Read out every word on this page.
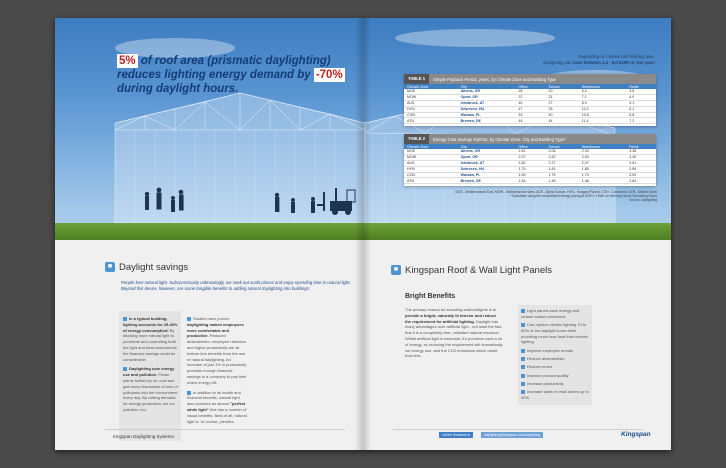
5% of roof area (prismatic daylighting) reduces lighting energy demand by -70% during daylight hours.
Depending on climate and building type,
daylighting can save between 1,4 - 5,0 EUR/ m² per year!
TABLE 1	Simple Payback Period, years, by Climate Zone and Building Type
Climate Zone	City	Office	School	Warehouse	Retail
MOE	Athens, GR	28	20	6.2	3.8
MOW	Oport, OR	37	21	7.1	4.0
AUS	Innsbruck, AT	40	27	8.0	5.1
HYN	Debrecen, HU	47	28	10.2	6.1
CON	Warsaw, PL	45	40	10.8	6.8
ATN	Bremen, DE	44	44	11.4	7.2
TABLE 2	Energy Cost Savings €/yr/m2, by Climate Zone, City and Building Type*
Climate Zone	City	Office	School	Warehouse	Retail
MOE	Athens, GR	1.61	2.08	2.33	4.48
MOW	Oport, OR	2.07	2.82	2.00	4.40
AUS	Innsbruck, AT	1.82	2.27	2.07	3.61
HYN	Debrecen, HU	1.75	1.81	1.85	2.89
CON	Warsaw, PL	1.69	1.75	1.70	3.00
ATN	Bremen, DE	1.54	1.48	1.48	2.84
MOE - Mediterranean East, MOW - Mediterranean West, AUS - Alpine Europe, HYN - Hungary/Poland, CON - Continental, ATN - Atlantic North
* Calculated using the consolidated energy pricing at EUR 0.1 kWh on Working Hours/ Remaining Hours
Source: Daylighting
■ Daylight savings
People love natural light. Subconsciously unknowingly, we seek out sunlit places and enjoy spending time in natural light. Beyond this desire, however, are some tangible benefits to adding natural daylighting into buildings:

In a typical building, lighting accounts for 25-40% of energy consumption! By allowing more natural light to penetrate and controlling both the light and heat components, the financial savings could be considerable.

Daylighting cuts energy use and pollution. Power plants fuelled by oil, coal and gas dump thousands of tons of pollutants into the environment every day. By cutting demand for energy production, we cut pollution, too.

Studies have proven daylighting makes employees more comfortable and productive. Reduced absenteeism, employee retention and higher productivity are all bottom-line benefits from the use of natural daylighting. An increase of just 1% in productivity provides enough financial savings to a company to pay their entire energy bill.

In addition to its health and financial benefits, natural light also provides an almost "perfect white light" that has a number of visual benefits. Best of all, natural light is "of course, plentiful.

Kingspan Daylighting Systems
■ Kingspan Roof & Wall Light Panels
Bright Benefits

The primary reason for including wall/rooflights is to provide a bright, naturally lit interior and reduce the requirement for artificial lighting. Daylight has many advantages over artificial light - not least the fact that it is a completely free, unlimited natural resource. Whilst artificial light is essential, it's provision uses a lot of energy, so reducing the requirement will dramatically cut energy use, and the CO2 emissions which result from this.

Light panels save energy and reduce carbon emissions
Can replace electric lighting 70 to 80% of the daylight hours while providing much less heat than electric lighting
Improve employee morale
Reduce absenteeism
Reduce errors
Improve product quality
Increase productivity
Increase sales in retail stores up to 40%
Let the Sunshine in	daylighting@kingspan.com/daylighting	Kingspan
